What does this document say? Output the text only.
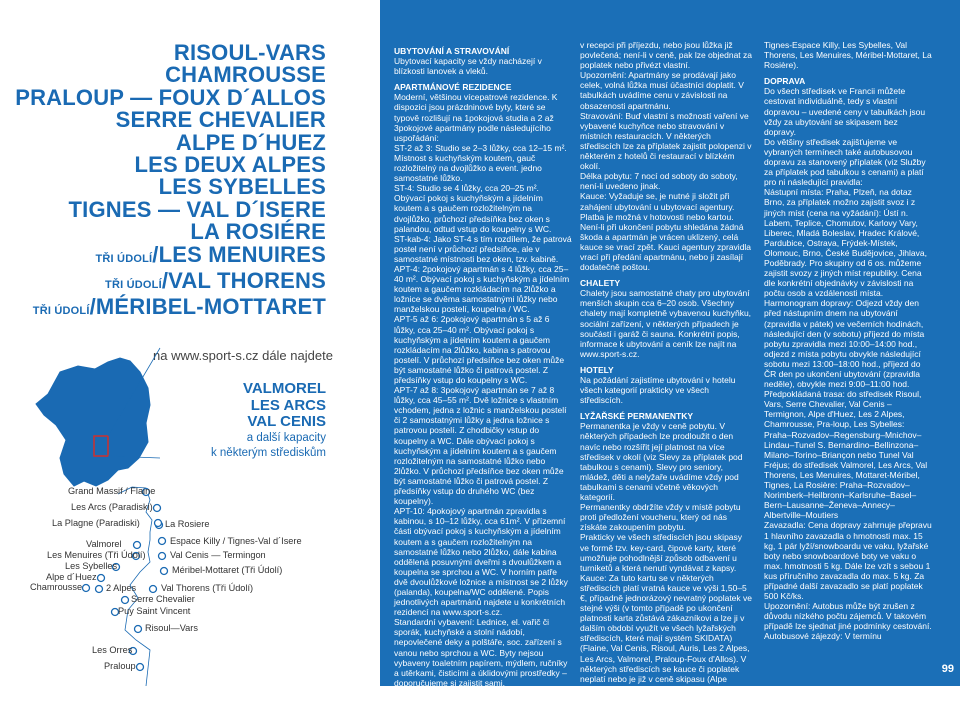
RISOUL-VARS
CHAMROUSSE
PRALOUP — FOUX D´ALLOS
SERRE CHEVALIER
ALPE D´HUEZ
LES DEUX ALPES
LES SYBELLES
TIGNES — VAL D´ISERE
LA ROSIÉRE
TŘI ÚDOLÍ/LES MENUIRES
TŘI ÚDOLÍ/VAL THORENS
TŘI ÚDOLÍ/MÉRIBEL-MOTTARET
na www.sport-s.cz dále najdete
VALMOREL
LES ARCS
VAL CENIS
a další kapacity
k některým střediskům
Grand Massif / Flaine
Les Arcs (Paradiski)
La Plagne (Paradiski)	La Rosiere
Valmorel	Espace Killy / Tignes-Val d´Isere
Les Menuires (Tři Údolí)	Val Cenis — Termingon
Les Sybelles	Méribel-Mottaret (Tři Údolí)
Alpe d´Huez
Chamrousse	2 Alpes	Val Thorens (Tři Údolí)
Serre Chevalier
Puy Saint Vincent
Risoul—Vars
Les Orres
Praloup

UBYTOVÁNÍ A STRAVOVÁNÍ

Ubytovací kapacity se vždy nacházejí v blízkosti lanovek a vleků.

APARTMÁNOVÉ REZIDENCE

Moderní, většinou vícepatrové rezidence. K dispozici jsou prázdninové byty, které se typově rozlišují na 1pokojová studia a 2 až 3pokojové apartmány podle následujícího uspořádání:

ST-2 až 3: Studio se 2–3 lůžky, cca 12–15 m². Místnost s kuchyňským koutem, gauč rozložitelný na dvojlůžko a event. jedno samostatné lůžko.

ST-4: Studio se 4 lůžky, cca 20–25 m². Obývací pokoj s kuchyňským a jídelním koutem a s gaučem rozložitelným na dvojlůžko, průchozí předsíňka bez oken s palandou, odtud vstup do koupelny s WC.

ST-kab-4: Jako ST-4 s tím rozdílem, že patrová postel není v průchozí předsíňce, ale v samostatné místnosti bez oken, tzv. kabině.

APT-4: 2pokojový apartmán s 4 lůžky, cca 25–40 m². Obývací pokoj s kuchyňským a jídelním koutem a gaučem rozkládacím na 2lůžko a ložnice se dvěma samostatnými lůžky nebo manželskou postelí, koupelna / WC.

APT-5 až 6: 2pokojový apartmán s 5 až 6 lůžky, cca 25–40 m². Obývací pokoj s kuchyňským a jídelním koutem a gaučem rozkládacím na 2lůžko, kabina s patrovou postelí. V průchozí předsíňce bez oken může být samostatné lůžko či patrová postel. Z předsíňky vstup do koupelny s WC.

APT-7 až 8: 3pokojový apartmán se 7 až 8 lůžky, cca 45–55 m². Dvě ložnice s vlastním vchodem, jedna z ložnic s manželskou postelí či 2 samostatnými lůžky a jedna ložnice s patrovou postelí. Z chodbičky vstup do koupelny a WC. Dále obývací pokoj s kuchyňským a jídelním koutem a s gaučem rozložitelným na samostatné lůžko nebo 2lůžko. V průchozí předsíňce bez oken může být samostatné lůžko či patrová postel. Z předsíňky vstup do druhého WC (bez koupelny).

APT-10: 4pokojový apartmán zpravidla s kabinou, s 10–12 lůžky, cca 61m². V přízemní části obývací pokoj s kuchyňským a jídelním koutem a s gaučem rozložitelným na samostatné lůžko nebo 2lůžko, dále kabina oddělená posuvnými dveřmi s dvoulůžkem a koupelna se sprchou a WC. V horním patře dvě dvoulůžkové ložnice a místnost se 2 lůžky (palanda), koupelna/WC oddělené. Popis jednotlivých apartmánů najdete u konkrétních rezidencí na www.sport-s.cz.

Standardní vybavení: Lednice, el. vařič či sporák, kuchyňské a stolní nádobí, nepovlečené deky a polštáře, soc. zařízení s vanou nebo sprchou a WC. Byty nejsou vybaveny toaletním papírem, mýdlem, ručníky a utěrkami, čisticími a úklidovými prostředky – doporučujeme si zajistit sami.

Ložní prádlo: Je-li v ceně, pak je buď k vyzvednutí

v recepci při příjezdu, nebo jsou lůžka již povlečená; není-li v ceně, pak lze objednat za poplatek nebo přivézt vlastní.

Upozornění: Apartmány se prodávají jako celek, volná lůžka musí účastníci doplatit. V tabulkách uvádíme cenu v závislosti na obsazenosti apartmánu.

Stravování: Buď vlastní s možností vaření ve vybavené kuchyňce nebo stravování v místních restauracích. V některých střediscích lze za příplatek zajistit polopenzi v některém z hotelů či restaurací v blízkém okolí.

Délka pobytu: 7 nocí od soboty do soboty, není-li uvedeno jinak.

Kauce: Vyžaduje se, je nutné ji složit při zahájení ubytování u ubytovací agentury. Platba je možná v hotovosti nebo kartou. Není-li při ukončení pobytu shledána žádná škoda a apartmán je vrácen uklizený, celá kauce se vrací zpět. Kauci agentury zpravidla vrací při předání apartmánu, nebo ji zasílají dodatečně poštou.

CHALETY

Chalety jsou samostatné chaty pro ubytování menších skupin cca 6–20 osob. Všechny chalety mají kompletně vybavenou kuchyňku, sociální zařízení, v některých případech je součástí i garáž či sauna. Konkrétní popis, informace k ubytování a ceník lze najít na www.sport-s.cz.

HOTELY

Na požádání zajistíme ubytování v hotelu všech kategorií prakticky ve všech střediscích.

LYŽAŘSKÉ PERMANENTKY

Permanentka je vždy v ceně pobytu. V některých případech lze prodloužit o den navíc nebo rozšířit její platnost na více středisek v okolí (viz Slevy za příplatek pod tabulkou s cenami). Slevy pro seniory, mládež, děti a nelyžaře uvádíme vždy pod tabulkami s cenami včetně věkových kategorií.

Permanentky obdržíte vždy v místě pobytu proti předložení voucheru, který od nás získáte zakoupením pobytu.

Prakticky ve všech střediscích jsou skipasy ve formě tzv. key-card, čipové karty, které umožňuje pohodlnější způsob odbavení u turniketů a která nenutí vyndávat z kapsy.

Kauce: Za tuto kartu se v některých střediscích platí vratná kauce ve výši 1,50–5 €, případně jednorázový nevratný poplatek ve stejné výši (v tomto případě po ukončení platnosti karta zůstává zákazníkovi a lze ji v dalším období využít ve všech lyžařských střediscích, které mají systém SKIDATA) (Flaine, Val Cenis, Risoul, Auris, Les 2 Alpes, Les Arcs, Valmorel, Praloup-Foux d'Allos). V některých střediscích se kauce či poplatek neplatí nebo je již v ceně skipasu (Alpe d'Huez, Chamrousse,

Tignes-Espace Killy, Les Sybelles, Val Thorens, Les Menuires, Méribel-Mottaret, La Rosière).

DOPRAVA

Do všech středisek ve Francii můžete cestovat individuálně, tedy s vlastní dopravou – uvedené ceny v tabulkách jsou vždy za ubytování se skipasem bez dopravy.

Do většiny středisek zajišťujeme ve vybraných termínech také autobusovou dopravu za stanovený příplatek (viz Služby za příplatek pod tabulkou s cenami) a platí pro ni následující pravidla:

Nástupní místa: Praha, Plzeň, na dotaz Brno, za příplatek možno zajistit svoz i z jiných míst (cena na vyžádání): Ústí n. Labem, Teplice, Chomutov, Karlovy Vary, Liberec, Mladá Boleslav, Hradec Králové, Pardubice, Ostrava, Frýdek-Místek, Olomouc, Brno, České Budějovice, Jihlava, Poděbrady. Pro skupiny od 6 os. můžeme zajistit svozy z jiných míst republiky. Cena dle konkrétní objednávky v závislosti na počtu osob a vzdálenosti místa.

Harmonogram dopravy: Odjezd vždy den před nástupním dnem na ubytování (zpravidla v pátek) ve večerních hodinách, následující den (v sobotu) příjezd do místa pobytu zpravidla mezi 10:00–14:00 hod., odjezd z místa pobytu obvykle následující sobotu mezi 13:00–18:00 hod., příjezd do ČR den po ukončení ubytování (zpravidla neděle), obvykle mezi 9:00–11:00 hod.

Předpokládaná trasa: do středisek Risoul, Vars, Serre Chevalier, Val Cenis – Termignon, Alpe d'Huez, Les 2 Alpes, Chamrousse, Pra-loup, Les Sybelles: Praha–Rozvadov–Regensburg–Mnichov–Lindau–Tunel S. Bernardino–Bellinzona–Milano–Torino–Briançon nebo Tunel Val Fréjus; do středisek Valmorel, Les Arcs, Val Thorens, Les Menuires, Mottaret-Méribel, Tignes, La Rosière: Praha–Rozvadov–Norimberk–Heilbronn–Karlsruhe–Basel–Bern–Lausanne–Ženeva–Annecy–Albertville–Moutiers

Zavazadla: Cena dopravy zahrnuje přepravu 1 hlavního zavazadla o hmotnosti max. 15 kg, 1 pár lyží/snowboardu ve vaku, lyžařské boty nebo snowboardové boty ve vaku o max. hmotnosti 5 kg. Dále lze vzít s sebou 1 kus příručního zavazadla do max. 5 kg. Za případné další zavazadlo se platí poplatek 500 Kč/ks.

Upozornění: Autobus může být zrušen z důvodu nízkého počtu zájemců. V takovém případě lze sjednat jiné podmínky cestování.

Autobusové zájezdy: V termínu

99
